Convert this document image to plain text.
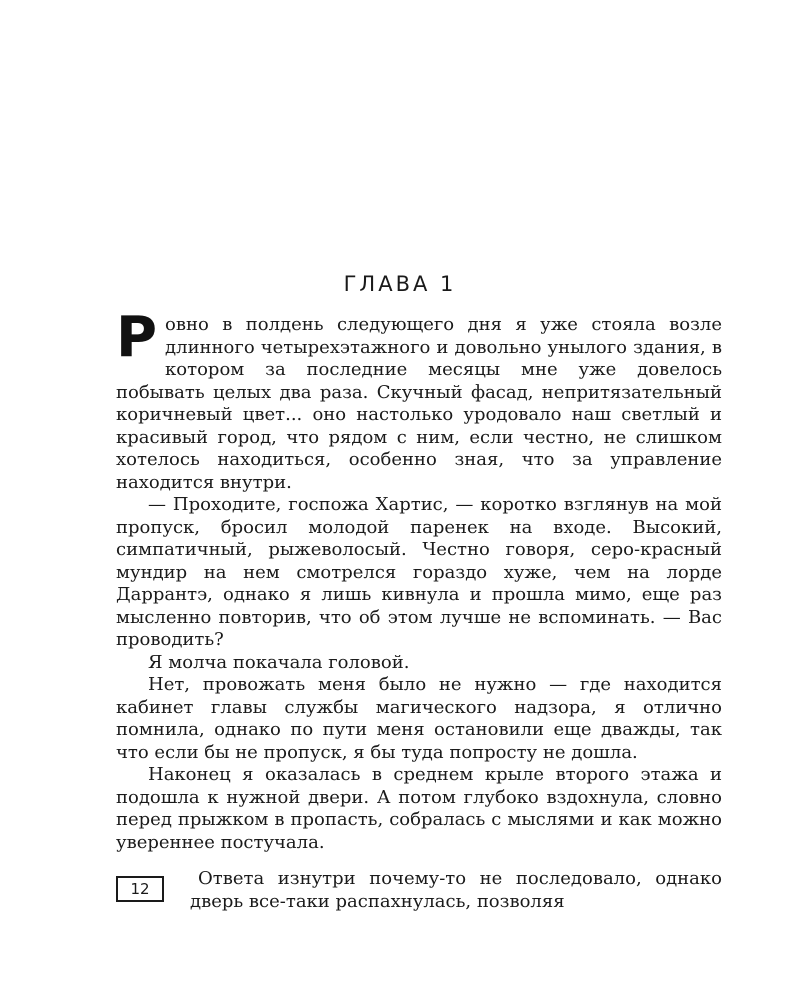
ГЛАВА 1

Ровно в полдень следующего дня я уже стояла возле длинного четырехэтажного и довольно унылого здания, в котором за последние месяцы мне уже довелось побывать целых два раза. Скучный фасад, непритязательный коричневый цвет... оно настолько уродовало наш светлый и красивый город, что рядом с ним, если честно, не слишком хотелось находиться, особенно зная, что за управление находится внутри.

— Проходите, госпожа Хартис, — коротко взглянув на мой пропуск, бросил молодой паренек на входе. Высокий, симпатичный, рыжеволосый. Честно говоря, серо-красный мундир на нем смотрелся гораздо хуже, чем на лорде Даррантэ, однако я лишь кивнула и прошла мимо, еще раз мысленно повторив, что об этом лучше не вспоминать. — Вас проводить?

Я молча покачала головой.

Нет, провожать меня было не нужно — где находится кабинет главы службы магического надзора, я отлично помнила, однако по пути меня остановили еще дважды, так что если бы не пропуск, я бы туда попросту не дошла.

Наконец я оказалась в среднем крыле второго этажа и подошла к нужной двери. А потом глубоко вздохнула, словно перед прыжком в пропасть, собралась с мыслями и как можно увереннее постучала.

12	Ответа изнутри почему-то не последовало, однако дверь все-таки распахнулась, позволяя
